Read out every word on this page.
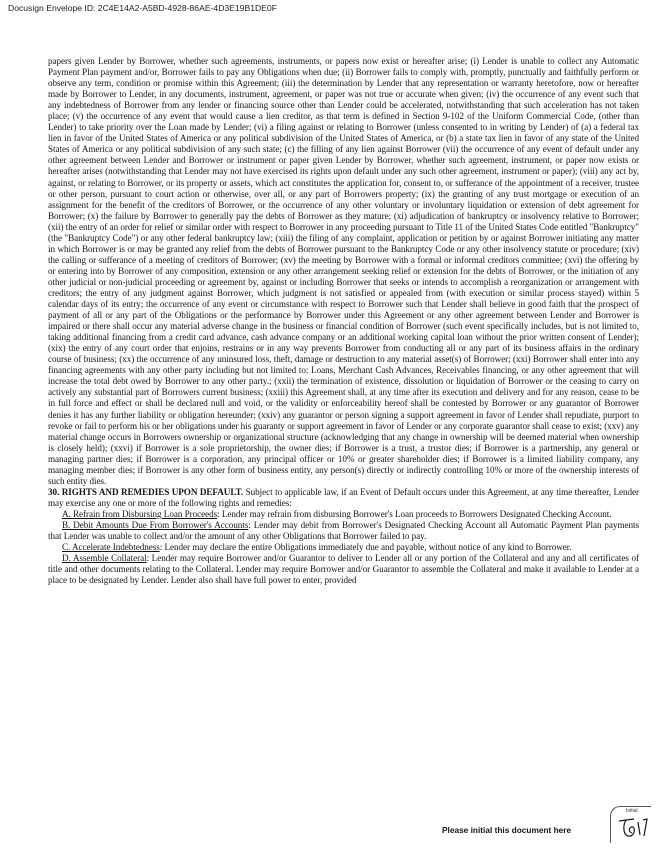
Docusign Envelope ID: 2C4E14A2-A5BD-4928-86AE-4D3E19B1DE0F

papers given Lender by Borrower, whether such agreements, instruments, or papers now exist or hereafter arise; (i) Lender is unable to collect any Automatic Payment Plan payment and/or, Borrower fails to pay any Obligations when due; (ii) Borrower fails to comply with, promptly, punctually and faithfully perform or observe any term, condition or promise within this Agreement; (iii) the determination by Lender that any representation or warranty heretofore, now or hereafter made by Borrower to Lender, in any documents, instrument, agreement, or paper was not true or accurate when given; (iv) the occurrence of any event such that any indebtedness of Borrower from any lender or financing source other than Lender could be accelerated, notwithstanding that such acceleration has not taken place; (v) the occurrence of any event that would cause a lien creditor, as that term is defined in Section 9-102 of the Uniform Commercial Code, (other than Lender) to take priority over the Loan made by Lender; (vi) a filing against or relating to Borrower (unless consented to in writing by Lender) of (a) a federal tax lien in favor of the United States of America or any political subdivision of the United States of America, or (b) a state tax lien in favor of any state of the United States of America or any political subdivision of any such state; (c) the filling of any lien against Borrower (vii) the occurrence of any event of default under any other agreement between Lender and Borrower or instrument or paper given Lender by Borrower, whether such agreement, instrument, or paper now exists or hereafter arises (notwithstanding that Lender may not have exercised its rights upon default under any such other agreement, instrument or paper); (viii) any act by, against, or relating to Borrower, or its property or assets, which act constitutes the application for, consent to, or sufferance of the appointment of a receiver, trustee or other person, pursuant to court action or otherwise, over all, or any part of Borrowers property; (ix) the granting of any trust mortgage or execution of an assignment for the benefit of the creditors of Borrower, or the occurrence of any other voluntary or involuntary liquidation or extension of debt agreement for Borrower; (x) the failure by Borrower to generally pay the debts of Borrower as they mature; (xi) adjudication of bankruptcy or insolvency relative to Borrower; (xii) the entry of an order for relief or similar order with respect to Borrower in any proceeding pursuant to Title 11 of the United States Code entitled "Bankruptcy" (the "Bankruptcy Code") or any other federal bankruptcy law; (xiii) the filing of any complaint, application or petition by or against Borrower initiating any matter in which Borrower is or may be granted any relief from the debts of Borrower pursuant to the Bankruptcy Code or any other insolvency statute or procedure; (xiv) the calling or sufferance of a meeting of creditors of Borrower; (xv) the meeting by Borrower with a formal or informal creditors committee; (xvi) the offering by or entering into by Borrower of any composition, extension or any other arrangement seeking relief or extension for the debts of Borrower, or the initiation of any other judicial or non-judicial proceeding or agreement by, against or including Borrower that seeks or intends to accomplish a reorganization or arrangement with creditors; the entry of any judgment against Borrower, which judgment is not satisfied or appealed from (with execution or similar process stayed) within 5 calendar days of its entry; the occurrence of any event or circumstance with respect to Borrower such that Lender shall believe in good faith that the prospect of payment of all or any part of the Obligations or the performance by Borrower under this Agreement or any other agreement between Lender and Borrower is impaired or there shall occur any material adverse change in the business or financial condition of Borrower (such event specifically includes, but is not limited to, taking additional financing from a credit card advance, cash advance company or an additional working capital loan without the prior written consent of Lender); (xix) the entry of any court order that enjoins, restrains or in any way prevents Borrower from conducting all or any part of its business affairs in the ordinary course of business; (xx) the occurrence of any uninsured loss, theft, damage or destruction to any material asset(s) of Borrower; (xxi) Borrower shall enter into any financing agreements with any other party including but not limited to: Loans, Merchant Cash Advances, Receivables financing, or any other agreement that will increase the total debt owed by Borrower to any other party.; (xxii) the termination of existence, dissolution or liquidation of Borrower or the ceasing to carry on actively any substantial part of Borrowers current business; (xxiii) this Agreement shall, at any time after its execution and delivery and for any reason, cease to be in full force and effect or shall be declared null and void, or the validity or enforceability hereof shall be contested by Borrower or any guarantor of Borrower denies it has any further liability or obligation hereunder; (xxiv) any guarantor or person signing a support agreement in favor of Lender shall repudiate, purport to revoke or fail to perform his or her obligations under his guaranty or support agreement in favor of Lender or any corporate guarantor shall cease to exist; (xxv) any material change occurs in Borrowers ownership or organizational structure (acknowledging that any change in ownership will be deemed material when ownership is closely held); (xxvi) if Borrower is a sole proprietorship, the owner dies; if Borrower is a trust, a trustor dies; if Borrower is a partnership, any general or managing partner dies; if Borrower is a corporation, any principal officer or 10% or greater shareholder dies; if Borrower is a limited liability company, any managing member dies; if Borrower is any other form of business entity, any person(s) directly or indirectly controlling 10% or more of the ownership interests of such entity dies.

30. RIGHTS AND REMEDIES UPON DEFAULT. Subject to applicable law, if an Event of Default occurs under this Agreement, at any time thereafter, Lender may exercise any one or more of the following rights and remedies:

A. Refrain from Disbursing Loan Proceeds: Lender may refrain from disbursing Borrower's Loan proceeds to Borrowers Designated Checking Account.

B. Debit Amounts Due From Borrower's Accounts: Lender may debit from Borrower's Designated Checking Account all Automatic Payment Plan payments that Lender was unable to collect and/or the amount of any other Obligations that Borrower failed to pay.

C. Accelerate Indebtedness: Lender may declare the entire Obligations immediately due and payable, without notice of any kind to Borrower.

D. Assemble Collateral: Lender may require Borrower and/or Guarantor to deliver to Lender all or any portion of the Collateral and any and all certificates of title and other documents relating to the Collateral. Lender may require Borrower and/or Guarantor to assemble the Collateral and make it available to Lender at a place to be designated by Lender. Lender also shall have full power to enter, provided

Please initial this document here
Initial
